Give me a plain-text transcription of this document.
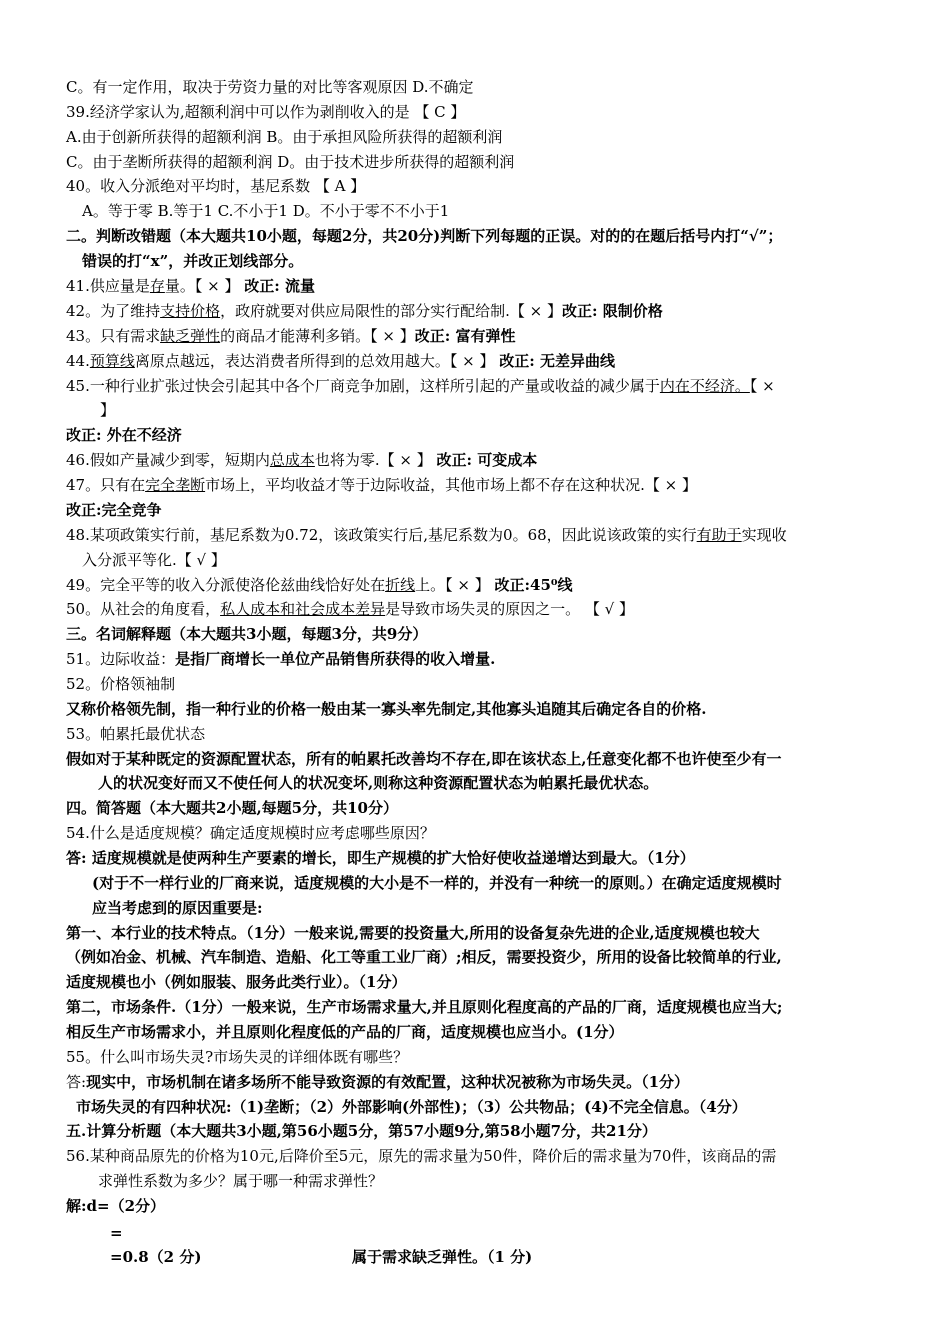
C。有一定作用，取决于劳资力量的对比等客观原因 D.不确定
39.经济学家认为,超额利润中可以作为剥削收入的是 【 C 】
A.由于创新所获得的超额利润 B。由于承担风险所获得的超额利润
C。由于垄断所获得的超额利润 D。由于技术进步所获得的超额利润
40。收入分派绝对平均时，基尼系数 【 A 】
A。等于零 B.等于1 C.不小于1 D。不小于零不不小于1
二。判断改错题（本大题共10小题，每题2分，共20分)判断下列每题的正误。对的的在题后括号内打“√”；
错误的打“x”，并改正划线部分。
41.供应量是存量。【 × 】 改正: 流量
42。为了维持支持价格，政府就要对供应局限性的部分实行配给制.【 × 】改正: 限制价格
43。只有需求缺乏弹性的商品才能薄利多销。【 × 】改正: 富有弹性
44.预算线离原点越远，表达消费者所得到的总效用越大。【 × 】 改正: 无差异曲线
45.一种行业扩张过快会引起其中各个厂商竞争加剧，这样所引起的产量或收益的减少属于内在不经济。【 ×
】
改正: 外在不经济
46.假如产量减少到零，短期内总成本也将为零.【 × 】 改正: 可变成本
47。只有在完全垄断市场上，平均收益才等于边际收益，其他市场上都不存在这种状况.【 × 】
改正:完全竞争
48.某项政策实行前，基尼系数为0.72，该政策实行后,基尼系数为0。68，因此说该政策的实行有助于实现收
入分派平等化.【 √ 】
49。完全平等的收入分派使洛伦兹曲线恰好处在折线上。【 × 】 改正:45⁰线
50。从社会的角度看，私人成本和社会成本差异是导致市场失灵的原因之一。 【 √ 】
三。名词解释题（本大题共3小题，每题3分，共9分）
51。边际收益：是指厂商增长一单位产品销售所获得的收入增量.
52。价格领袖制
又称价格领先制，指一种行业的价格一般由某一寡头率先制定,其他寡头追随其后确定各自的价格.
53。帕累托最优状态
假如对于某种既定的资源配置状态，所有的帕累托改善均不存在,即在该状态上,任意变化都不也许使至少有一
人的状况变好而又不使任何人的状况变坏,则称这种资源配置状态为帕累托最优状态。
四。简答题（本大题共2小题,每题5分，共10分）
54.什么是适度规模？确定适度规模时应考虑哪些原因？
答: 适度规模就是使两种生产要素的增长，即生产规模的扩大恰好使收益递增达到最大。（1分）
(对于不一样行业的厂商来说，适度规模的大小是不一样的，并没有一种统一的原则。）在确定适度规模时
应当考虑到的原因重要是:
第一、本行业的技术特点。（1分）一般来说,需要的投资量大,所用的设备复杂先进的企业,适度规模也较大
（例如冶金、机械、汽车制造、造船、化工等重工业厂商）;相反，需要投资少，所用的设备比较简单的行业,
适度规模也小（例如服装、服务此类行业）。（1分）
第二，市场条件.（1分）一般来说，生产市场需求量大,并且原则化程度高的产品的厂商，适度规模也应当大;
相反生产市场需求小，并且原则化程度低的产品的厂商，适度规模也应当小。(1分）
55。什么叫市场失灵?市场失灵的详细体既有哪些？
答:现实中，市场机制在诸多场所不能导致资源的有效配置，这种状况被称为市场失灵。（1分）
市场失灵的有四种状况:（1)垄断；（2）外部影响(外部性)；（3）公共物品；(4)不完全信息。（4分）
五.计算分析题（本大题共3小题,第56小题5分，第57小题9分,第58小题7分，共21分）
56.某种商品原先的价格为10元,后降价至5元，原先的需求量为50件，降价后的需求量为70件，该商品的需
求弹性系数为多少？属于哪一种需求弹性？
解:d=（2分）
=
=0.8（2 分)	属于需求缺乏弹性。（1 分)
